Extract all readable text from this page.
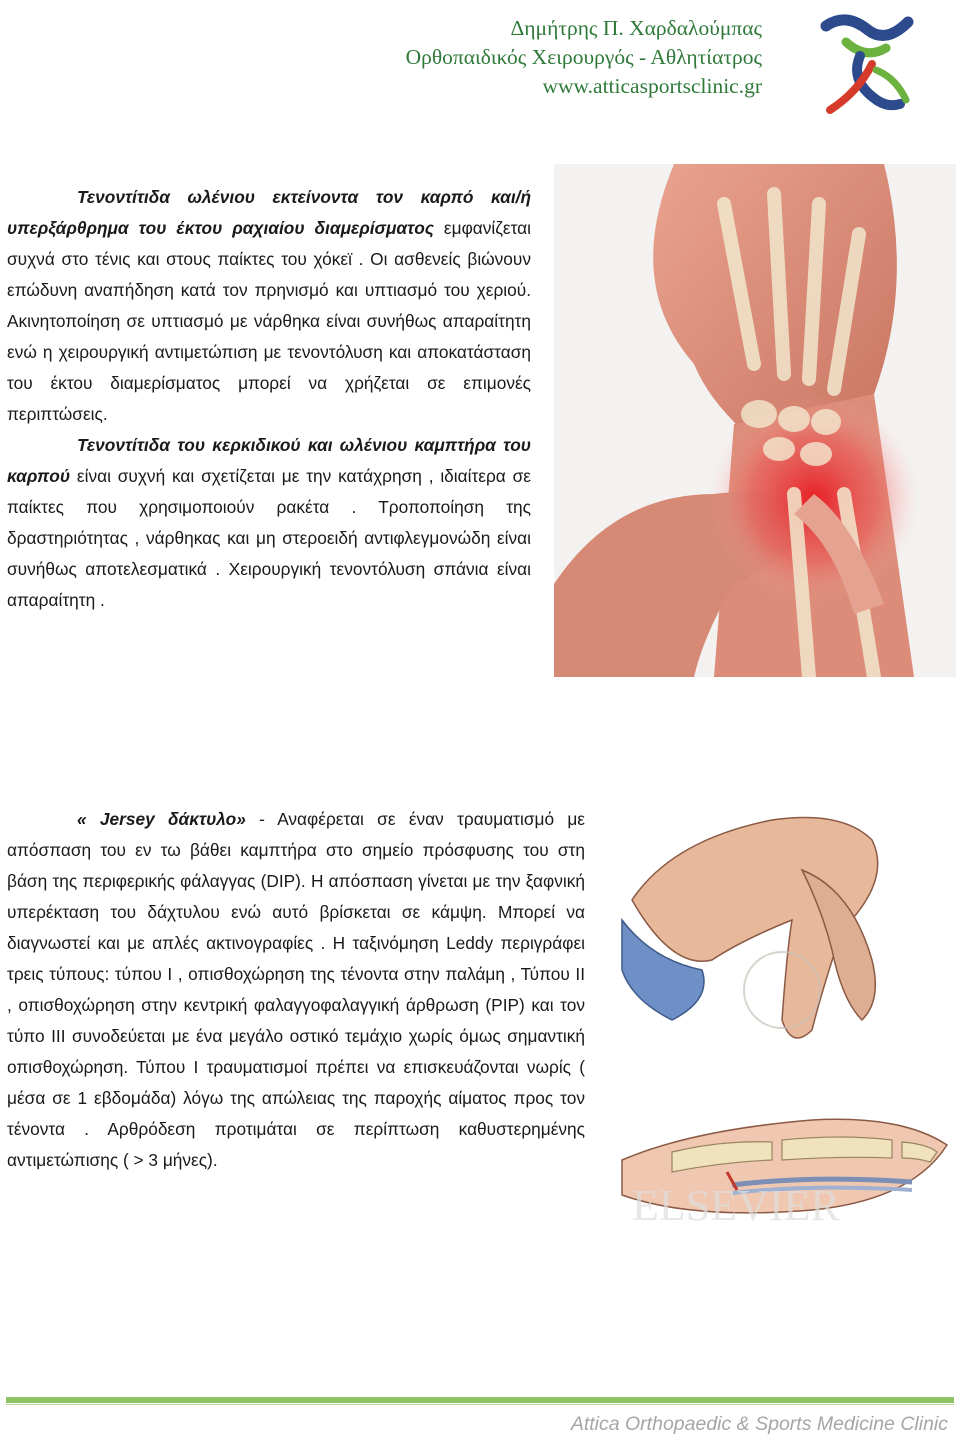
Δημήτρης Π. Χαρδαλούμπας
Ορθοπαιδικός Χειρουργός - Αθλητίατρος
www.atticasportsclinic.gr

Τενοντίτιδα ωλένιου εκτείνοντα τον καρπό και/ή υπερξάρθρημα του έκτου ραχιαίου διαμερίσματος εμφανίζεται συχνά στο τένις και στους παίκτες του χόκεϊ . Οι ασθενείς βιώνουν επώδυνη αναπήδηση κατά τον πρηνισμό και υπτιασμό του χεριού. Ακινητοποίηση σε υπτιασμό με νάρθηκα είναι συνήθως απαραίτητη ενώ η χειρουργική αντιμετώπιση με τενοντόλυση και αποκατάσταση του έκτου διαμερίσματος μπορεί να χρήζεται σε επιμονές περιπτώσεις.
Τενοντίτιδα του κερκιδικού και ωλένιου καμπτήρα του καρπού είναι συχνή και σχετίζεται με την κατάχρηση , ιδιαίτερα σε παίκτες που χρησιμοποιούν ρακέτα . Τροποποίηση της δραστηριότητας , νάρθηκας και μη στεροειδή αντιφλεγμονώδη είναι συνήθως αποτελεσματικά . Χειρουργική τενοντόλυση σπάνια είναι απαραίτητη .

« Jersey δάκτυλο» - Αναφέρεται σε έναν τραυματισμό με απόσπαση του εν τω βάθει καμπτήρα στο σημείο πρόσφυσης του στη βάση της περιφερικής φάλαγγας (DIP). Η απόσπαση γίνεται με την ξαφνική υπερέκταση του δάχτυλου ενώ αυτό βρίσκεται σε κάμψη. Μπορεί να διαγνωστεί και με απλές ακτινογραφίες . Η ταξινόμηση Leddy περιγράφει τρεις τύπους: τύπου Ι , οπισθοχώρηση της τένοντα στην παλάμη , Τύπου ΙΙ , οπισθοχώρηση στην κεντρική φαλαγγοφαλαγγική άρθρωση (PIP) και τον τύπο ΙΙΙ συνοδεύεται με ένα μεγάλο οστικό τεμάχιο χωρίς όμως σημαντική οπισθοχώρηση. Τύπου Ι τραυματισμοί πρέπει να επισκευάζονται νωρίς ( μέσα σε 1 εβδομάδα) λόγω της απώλειας της παροχής αίματος προς τον τένοντα . Αρθρόδεση προτιμάται σε περίπτωση καθυστερημένης αντιμετώπισης ( > 3 μήνες).

ELSEVIER
Attica Orthopaedic & Sports Medicine Clinic
